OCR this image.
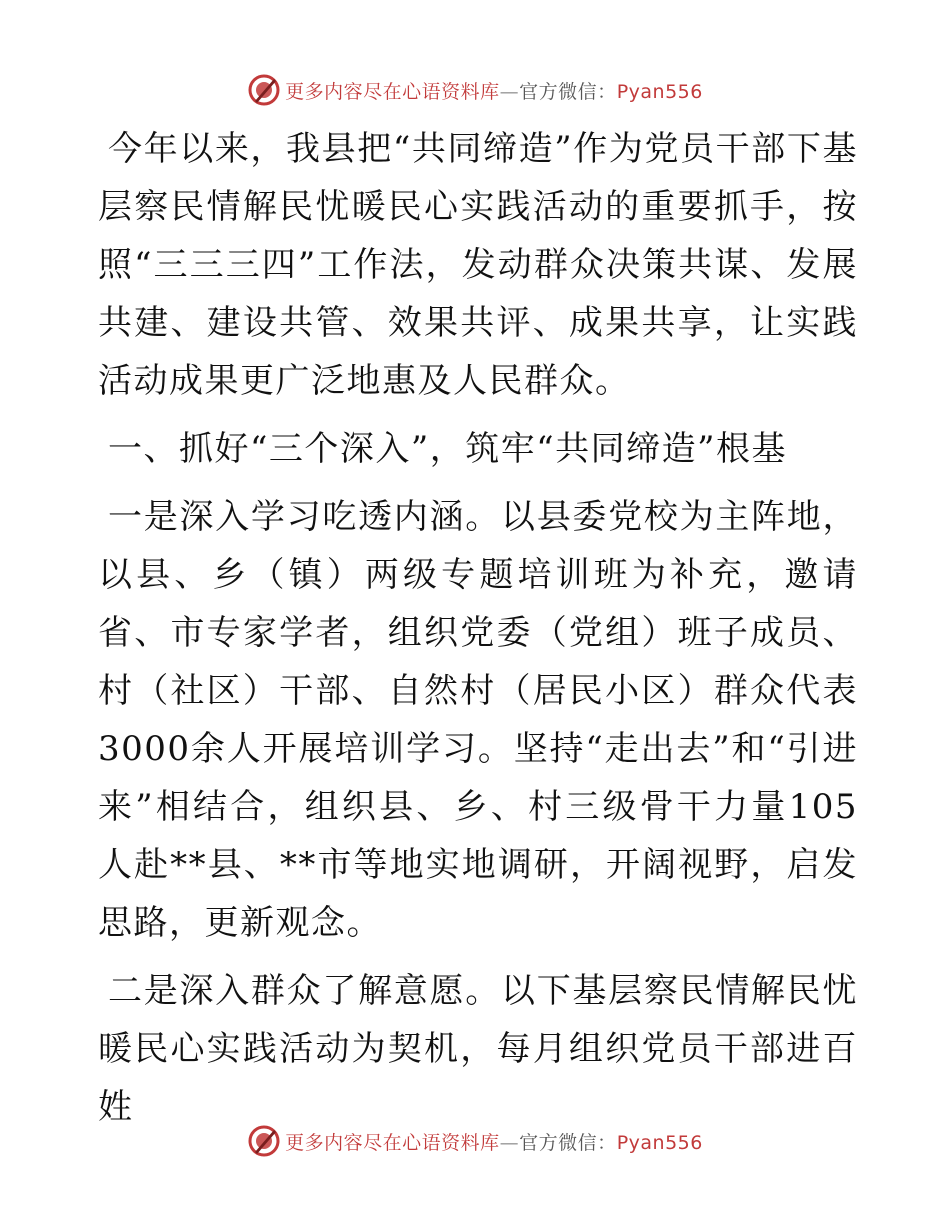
更多内容尽在心语资料库—官方微信：Pyan556

今年以来，我县把“共同缔造”作为党员干部下基层察民情解民忧暖民心实践活动的重要抓手，按照“三三三四”工作法，发动群众决策共谋、发展共建、建设共管、效果共评、成果共享，让实践活动成果更广泛地惠及人民群众。

一、抓好“三个深入”，筑牢“共同缔造”根基

一是深入学习吃透内涵。以县委党校为主阵地，以县、乡（镇）两级专题培训班为补充，邀请省、市专家学者，组织党委（党组）班子成员、村（社区）干部、自然村（居民小区）群众代表3000余人开展培训学习。坚持“走出去”和“引进来”相结合，组织县、乡、村三级骨干力量105人赴**县、**市等地实地调研，开阔视野，启发思路，更新观念。

二是深入群众了解意愿。以下基层察民情解民忧暖民心实践活动为契机，每月组织党员干部进百姓

更多内容尽在心语资料库—官方微信：Pyan556
